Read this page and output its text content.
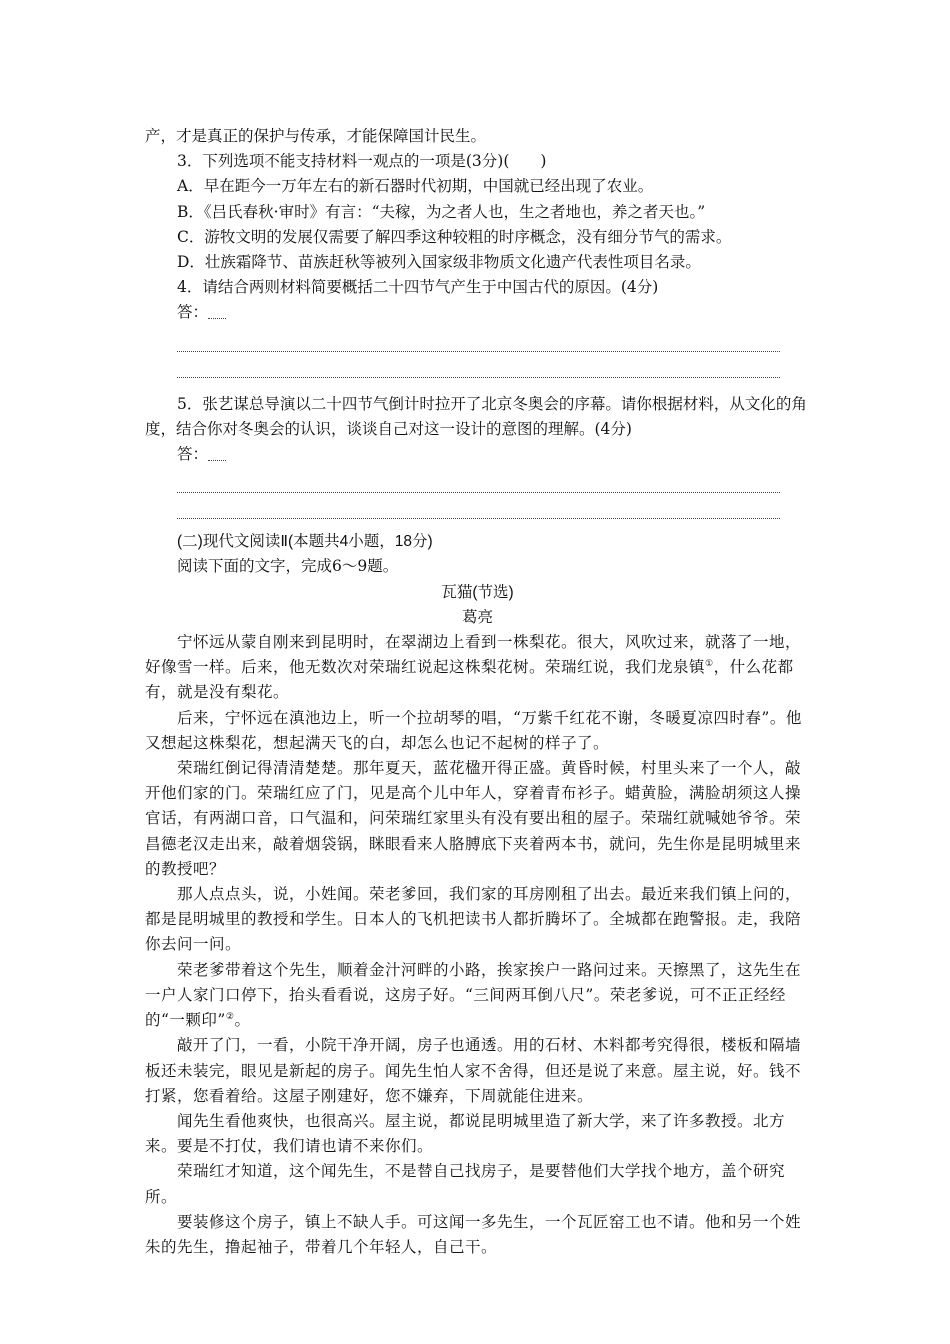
产，才是真正的保护与传承，才能保障国计民生。

3．下列选项不能支持材料一观点的一项是(3分)(　　)

A．早在距今一万年左右的新石器时代初期，中国就已经出现了农业。

B．《吕氏春秋·审时》有言：“夫稼，为之者人也，生之者地也，养之者天也。”

C．游牧文明的发展仅需要了解四季这种较粗的时序概念，没有细分节气的需求。

D．壮族霜降节、苗族赶秋等被列入国家级非物质文化遗产代表性项目名录。

4．请结合两则材料简要概括二十四节气产生于中国古代的原因。(4分)

答：

5．张艺谋总导演以二十四节气倒计时拉开了北京冬奥会的序幕。请你根据材料，从文化的角度，结合你对冬奥会的认识，谈谈自己对这一设计的意图的理解。(4分)

答：

(二)现代文阅读Ⅱ(本题共4小题，18分)

阅读下面的文字，完成6～9题。

瓦猫(节选)

葛亮

宁怀远从蒙自刚来到昆明时，在翠湖边上看到一株梨花。很大，风吹过来，就落了一地，好像雪一样。后来，他无数次对荣瑞红说起这株梨花树。荣瑞红说，我们龙泉镇①，什么花都有，就是没有梨花。

后来，宁怀远在滇池边上，听一个拉胡琴的唱，“万紫千红花不谢，冬暖夏凉四时春”。他又想起这株梨花，想起满天飞的白，却怎么也记不起树的样子了。

荣瑞红倒记得清清楚楚。那年夏天，蓝花楹开得正盛。黄昏时候，村里头来了一个人，敲开他们家的门。荣瑞红应了门，见是高个儿中年人，穿着青布衫子。蜡黄脸，满脸胡须这人操官话，有两湖口音，口气温和，问荣瑞红家里头有没有要出租的屋子。荣瑞红就喊她爷爷。荣昌德老汉走出来，敲着烟袋锅，眯眼看来人胳膊底下夹着两本书，就问，先生你是昆明城里来的教授吧？

那人点点头，说，小姓闻。荣老爹回，我们家的耳房刚租了出去。最近来我们镇上问的，都是昆明城里的教授和学生。日本人的飞机把读书人都折腾坏了。全城都在跑警报。走，我陪你去问一问。

荣老爹带着这个先生，顺着金汁河畔的小路，挨家挨户一路问过来。天擦黑了，这先生在一户人家门口停下，抬头看看说，这房子好。“三间两耳倒八尺”。荣老爹说，可不正正经经的“一颗印”②。

敲开了门，一看，小院干净开阔，房子也通透。用的石材、木料都考究得很，楼板和隔墙板还未装完，眼见是新起的房子。闻先生怕人家不舍得，但还是说了来意。屋主说，好。钱不打紧，您看着给。这屋子刚建好，您不嫌弃，下周就能住进来。

闻先生看他爽快，也很高兴。屋主说，都说昆明城里造了新大学，来了许多教授。北方来。要是不打仗，我们请也请不来你们。

荣瑞红才知道，这个闻先生，不是替自己找房子，是要替他们大学找个地方，盖个研究所。

要装修这个房子，镇上不缺人手。可这闻一多先生，一个瓦匠窑工也不请。他和另一个姓朱的先生，撸起袖子，带着几个年轻人，自己干。
